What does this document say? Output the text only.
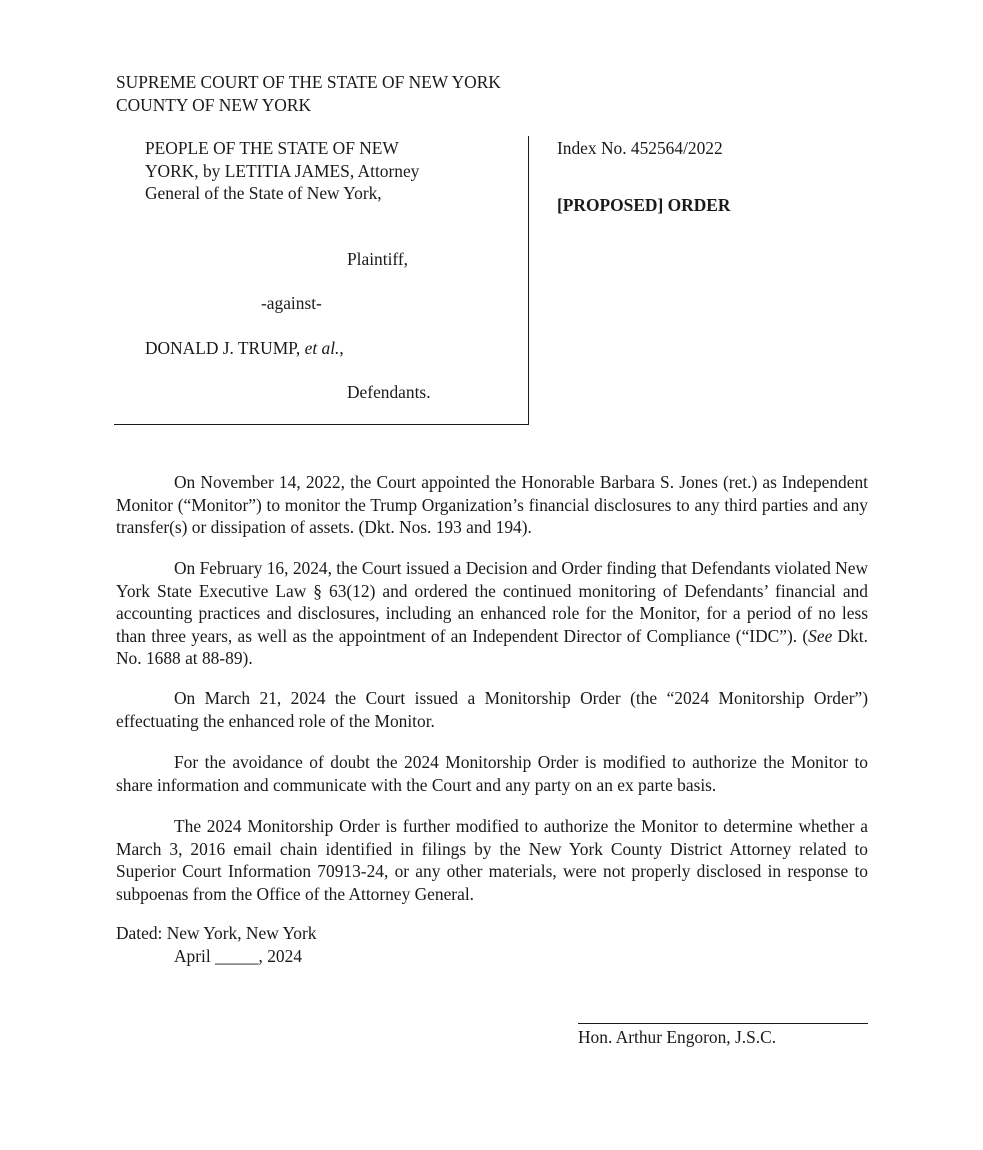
SUPREME COURT OF THE STATE OF NEW YORK
COUNTY OF NEW YORK
PEOPLE OF THE STATE OF NEW YORK, by LETITIA JAMES, Attorney General of the State of New York,
Plaintiff,
-against-
DONALD J. TRUMP, et al.,
Defendants.
Index No. 452564/2022
[PROPOSED] ORDER

On November 14, 2022, the Court appointed the Honorable Barbara S. Jones (ret.) as Independent Monitor (“Monitor”) to monitor the Trump Organization’s financial disclosures to any third parties and any transfer(s) or dissipation of assets. (Dkt. Nos. 193 and 194).

On February 16, 2024, the Court issued a Decision and Order finding that Defendants violated New York State Executive Law § 63(12) and ordered the continued monitoring of Defendants’ financial and accounting practices and disclosures, including an enhanced role for the Monitor, for a period of no less than three years, as well as the appointment of an Independent Director of Compliance (“IDC”). (See Dkt. No. 1688 at 88-89).

On March 21, 2024 the Court issued a Monitorship Order (the “2024 Monitorship Order”) effectuating the enhanced role of the Monitor.

For the avoidance of doubt the 2024 Monitorship Order is modified to authorize the Monitor to share information and communicate with the Court and any party on an ex parte basis.

The 2024 Monitorship Order is further modified to authorize the Monitor to determine whether a March 3, 2016 email chain identified in filings by the New York County District Attorney related to Superior Court Information 70913-24, or any other materials, were not properly disclosed in response to subpoenas from the Office of the Attorney General.

Dated: New York, New York
April _____, 2024
Hon. Arthur Engoron, J.S.C.
